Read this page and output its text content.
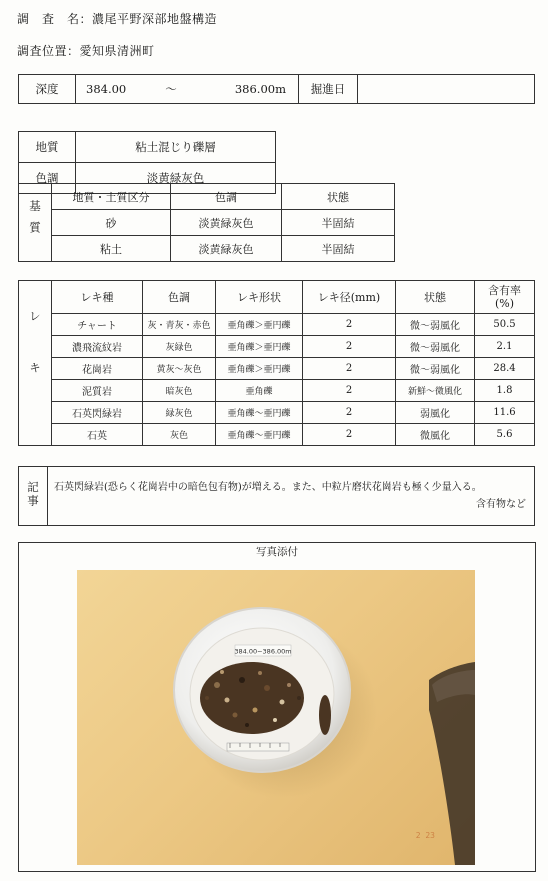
調　査　名：濃尾平野深部地盤構造
調査位置：愛知県清洲町
深度	384.00	～	386.00m	掘進日	
地質	粘土混じり礫層
色調	淡黄緑灰色
基質	地質・土質区分	色調	状態
	砂	淡黄緑灰色	半固結
	粘土	淡黄緑灰色	半固結
レキ	レキ種	色調	レキ形状	レキ径(mm)	状態	含有率
(%)
	チャート	灰・青灰・赤色	亜角礫＞亜円礫	2	微～弱風化	50.5
	濃飛流紋岩	灰緑色	亜角礫＞亜円礫	2	微～弱風化	2.1
	花崗岩	黄灰～灰色	亜角礫＞亜円礫	2	微～弱風化	28.4
	泥質岩	暗灰色	亜角礫	2	新鮮～微風化	1.8
	石英閃緑岩	緑灰色	亜角礫～亜円礫	2	弱風化	11.6
	石英	灰色	亜角礫～亜円礫	2	微風化	5.6
記事	石英閃緑岩(恐らく花崗岩中の暗色包有物)が増える。また、中粒片磨状花崗岩も極く少量入る。
含有物など
写真添付
384.00~386.00m
2 23
